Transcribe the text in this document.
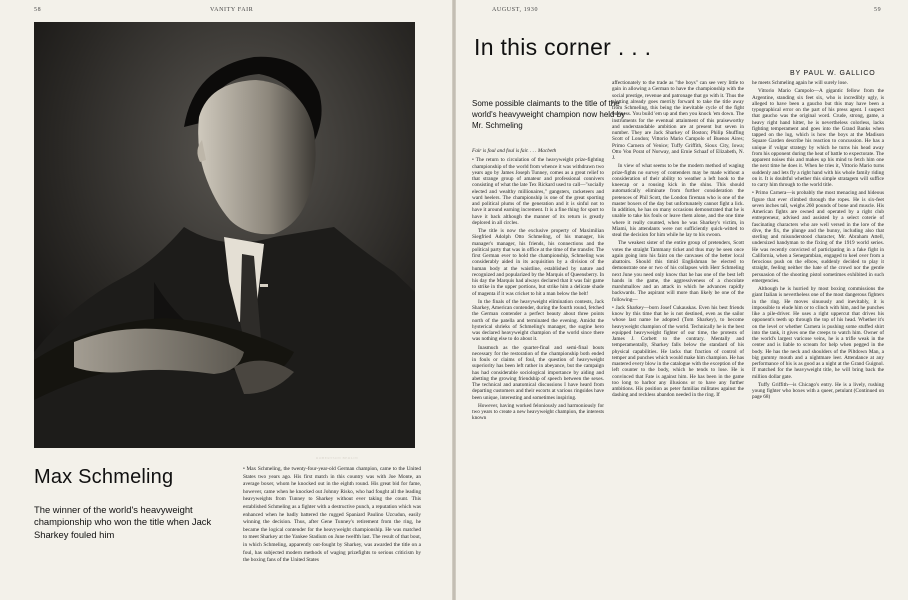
58	VANITY FAIR
ROBERTSON BERLIN
Max Schmeling
The winner of the world's heavyweight championship who won the title when Jack Sharkey fouled him
• Max Schmeling, the twenty-four-year-old German champion, came to the United States two years ago. His first match in this country was with Joe Monte, an average boxer, whom he knocked out in the eighth round. His great bid for fame, however, came when he knocked out Johnny Risko, who had fought all the leading heavyweights from Tunney to Sharkey without ever taking the count. This established Schmeling as a fighter with a destructive punch, a reputation which was enhanced when he badly battered the rugged Spaniard Paulino Uzcudun, easily winning the decision. Thus, after Gene Tunney's retirement from the ring, he became the logical contender for the heavyweight championship. He was matched to meet Sharkey at the Yankee Stadium on June twelfth last. The result of that bout, in which Schmeling, apparently out-fought by Sharkey, was awarded the title on a foul, has subjected modern methods of waging prizefights to serious criticism by the boxing fans of the United States
AUGUST, 1930	59
In this corner . . .
BY PAUL W. GALLICO
Some possible claimants to the title of the world's heavyweight champion now held by Mr. Schmeling

Fair is foul and foul is fair. . . . Macbeth

• The return to circulation of the heavyweight prize-fighting championship of the world from whence it was withdrawn two years ago by James Joseph Tunney, comes as a great relief to that strange group of amateur and professional connivers consisting of what the late Tex Rickard used to call—"socially elected and wealthy millionaires," gangsters, racketeers and ward heelers. The championship is one of the great sporting and political plums of the generation and it is sinful not to have it around earning increment. It is a fine thing for sport to have it back although the manner of its return is greatly deplored in all circles.

The title is now the exclusive property of Maximilian Siegfried Adolph Otto Schmeling, of his manager, his manager's manager, his friends, his connections and the political party that was in office at the time of the transfer. The first German ever to hold the championship, Schmeling was considerably aided in its acquisition by a division of the human body at the waistline, established by nature and recognized and popularized by the Marquis of Queensberry. In his day the Marquis had always declared that it was fair game to strike in the upper portions, but strike him a delicate shade of magenta if it was cricket to hit a man below the belt!

In the finals of the heavyweight elimination contests, Jack Sharkey, American contender, during the fourth round, fetched the German contender a perfect beauty about three points north of the patella and terminated the evening. Amidst the hysterical shrieks of Schmeling's manager, the sugine hero was declared heavyweight champion of the world since there was nothing else to do about it.

Inasmuch as the quarter-final and semi-final bouts necessary for the restoration of the championship both ended in fouls or claims of foul, the question of heavyweight superiority has been left rather in abeyance, but the campaign has had considerable sociological importance by aiding and abetting the growing friendship of speech between the sexes. The technical and anatomical discussions I have heard from departing customers and their escorts at various ringsides have been unique, interesting and sometimes inspiring.

However, having worked feloniously and harmoniously for two years to create a new heavyweight champion, the interests known

affectionately to the trade as "the boys" can see very little to gain in allowing a German to have the championship with the social prestige, revenue and patronage that go with it. Thus the plotting already goes merrily forward to take the title away from Schmeling, this being the inevitable cycle of the fight business. You build 'em up and then you knock 'em down. The instruments for the eventual attainment of this praiseworthy and understandable ambition are at present but seven in number. They are Jack Sharkey of Boston; Philip Shuffing Scott of London; Vittorio Mario Campolo of Buenos Aires; Primo Carnera of Venice; Tuffy Griffith, Sioux City, Iowa; Otto Von Porat of Norway, and Ernie Schaaf of Elizabeth, N. J.

In view of what seems to be the modern method of waging prize-fights no survey of contenders may be made without a consideration of their ability to weather a left hook to the kneecap or a rousing kick in the shins. This should automatically eliminate from further consideration the pretences of Phil Scott, the London fireman who is one of the master boxers of the day but unfortunately cannot fight a lick. In addition, he has on many occasions demonstrated that he is unable to take his fouls or leave them alone, and the one time where it really counted, when he was Sharkey's victim, in Miami, his attendants were not sufficiently quick-witted to steal the decision for him while he lay to his swoon.

The weakest sister of the entire group of pretenders, Scott votes the straight Tammany ticket and thus may be seen once again going into his faint on the canvases of the better local abattoirs. Should this timid Englishman be elected to demonstrate one or two of his collapses with Herr Schmeling next June you need only know that he has one of the best left hands in the game, the aggressiveness of a chocolate marshmallow and an attack in which he advances rapidly backwards. The aspirant will more than likely be one of the following—

• Jack Sharkey—born Josef Cukauskas. Even his best friends know by this time that he is not destined, even as the sailor whose last name he adopted (Tom Sharkey), to become heavyweight champion of the world. Technically he is the best equipped heavyweight fighter of our time, the protests of James J. Corbett to the contrary. Mentally and temperamentally, Sharkey falls below the standard of his physical capabilities. He lacks that fraction of control of temper and punches which would make him champion. He has mastered every blow in the catalogue with the exception of the left counter to the body, which he tends to lose. He is convinced that Fate is against him. He has been in the game too long to harbor any illusions or to have any further ambitions. His position as peter familias militates against the dashing and reckless abandon needed in the ring. If

he meets Schmeling again he will surely lose.

Vittorio Mario Campolo—A gigantic fellow from the Argentine, standing six feet six, who is incredibly ugly, is alleged to have been a gaucho but this may have been a typographical error on the part of his press agent. I suspect that gaucho was the original word. Crude, strong, game, a heavy right hand hitter, he is nevertheless colorless, lacks fighting temperament and goes into the Grand Banks when tapped on the lug, which is how the boys at the Madison Square Garden describe his reaction to concussion. He has a unique if vulgar strategy by which he turns his head away from his opponent during the heat of battle to expectorate. The apparent noises this and makes up his mind to fetch him one the next time he does it. When he tries it, Vittorio Mario turns suddenly and lets fly a right hand with his whole family riding on it. It is doubtful whether this simple stratagem will suffice to carry him through to the world title.

• Primo Carnera—is probably the most menacing and hideous figure that ever climbed through the ropes. He is six-feet seven inches tall, weighs 260 pounds of bone and muscle. His American fights are owned and operated by a right club entrepreneur, advised and assisted by a select coterie of fascinating characters who are well versed in the lore of the dive, the fix, the plunge and the bunny, including also that sterling and misunderstood character, Mr. Abraham Attell, undersized handyman to the fixing of the 1919 world series. He was recently convicted of participating in a fake fight in California, when a Senegambian, engaged to keel over from a ferocious push on the elbow, suddenly decided to play it straight, feeling neither the hate of the crowd nor the gentle persuasion of the shooting pistol sometimes exhibited in such emergencies.

Although he is hurried by most boxing commissions the giant Italian is nevertheless one of the most dangerous fighters in the ring. He moves sinuously and inevitably, it is impossible to elude him or to clinch with him, and he punches like a pile-driver. He uses a right uppercut that drives his opponent's teeth up through the top of his head. Whether it's on the level or whether Carnera is pushing some stuffed shirt into the tank, it gives one the creeps to watch him. Owner of the world's largest varicose veins, he is a trifle weak in the center and is liable to scream for help when pegged in the body. He has the neck and shoulders of the Piltdown Man, a big gummy mouth and a nightmare leer. Attendance at any performance of his is as good as a night at the Grand Guignol. If matched for the heavyweight title, he will bring back the million dollar gate.

Tuffy Griffith—is Chicago's entry. He is a lively, rushing young fighter who boxes with a queer, petulant (Continued on page 68)
